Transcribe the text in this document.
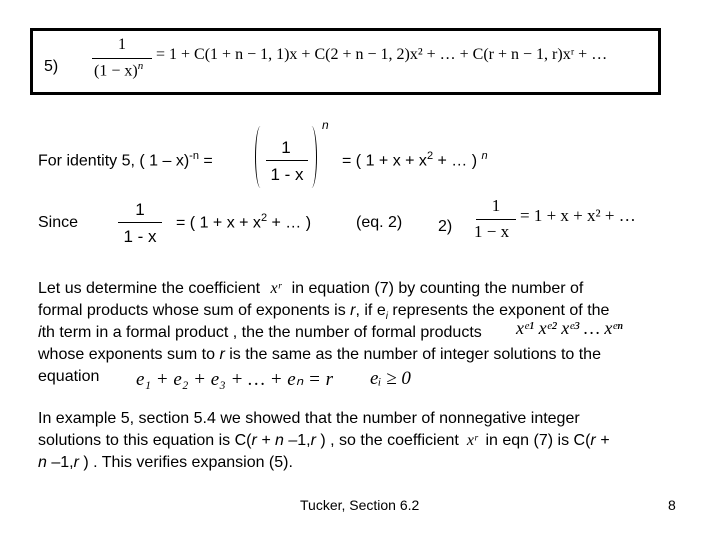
5)
1
$(1 - x)^n$
= 1 + C(1 + n − 1, 1)x + C(2 + n − 1, 2)x² + … + C(r + n − 1, r)xʳ + …
For identity 5, ( 1 – x)$^{-n}$ =
1
1 - x
n
= ( $1 + x + x^2$ + … ) $^n$
Since
1
1 - x
= ( $1 + x + x^2$ + … )	(eq. 2) 2)
1
1 − x
= 1 + x + x² + …
Let us determine the coefficient xʳ in equation (7) by counting the number of
formal products whose sum of exponents is r, if $e_i$ represents the exponent of the
ith term in a formal product , the the number of formal products xᵉ¹ xᵉ² xᵉ³ … xᵉⁿ
whose exponents sum to r is the same as the number of integer solutions to the
equation e₁ + e₂ + e₃ + … + eₙ = r eᵢ ≥ 0
In example 5, section 5.4 we showed that the number of nonnegative integer
solutions to this equation is C(r + n –1,r ) , so the coefficient xʳ in eqn (7) is C(r +
n –1,r ) . This verifies expansion (5).
Tucker, Section 6.2	8
